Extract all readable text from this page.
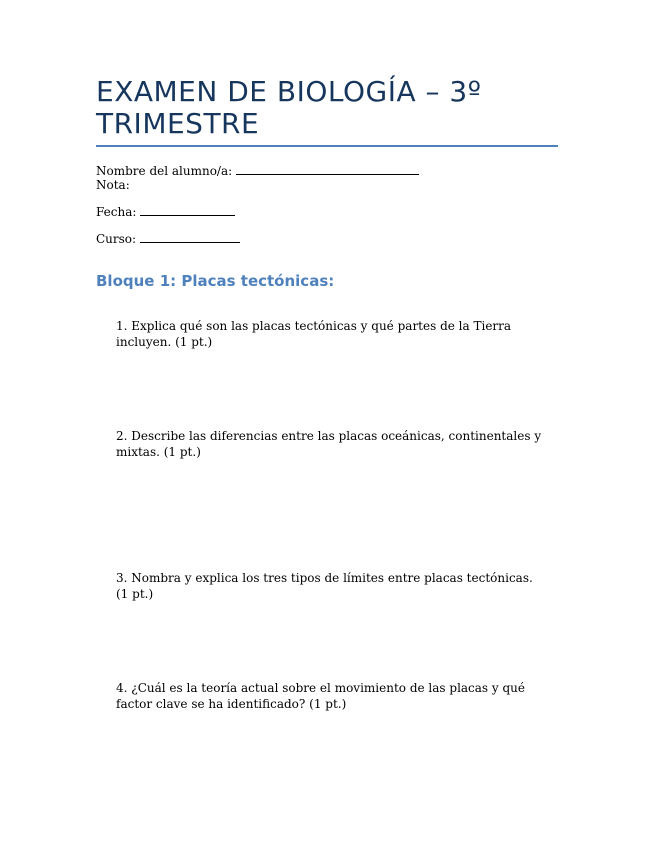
EXAMEN DE BIOLOGÍA – 3º TRIMESTRE
Nombre del alumno/a:
Nota:
Fecha:
Curso:
Bloque 1: Placas tectónicas:
1. Explica qué son las placas tectónicas y qué partes de la Tierra incluyen. (1 pt.)
2. Describe las diferencias entre las placas oceánicas, continentales y mixtas. (1 pt.)
3. Nombra y explica los tres tipos de límites entre placas tectónicas. (1 pt.)
4. ¿Cuál es la teoría actual sobre el movimiento de las placas y qué factor clave se ha identificado? (1 pt.)
